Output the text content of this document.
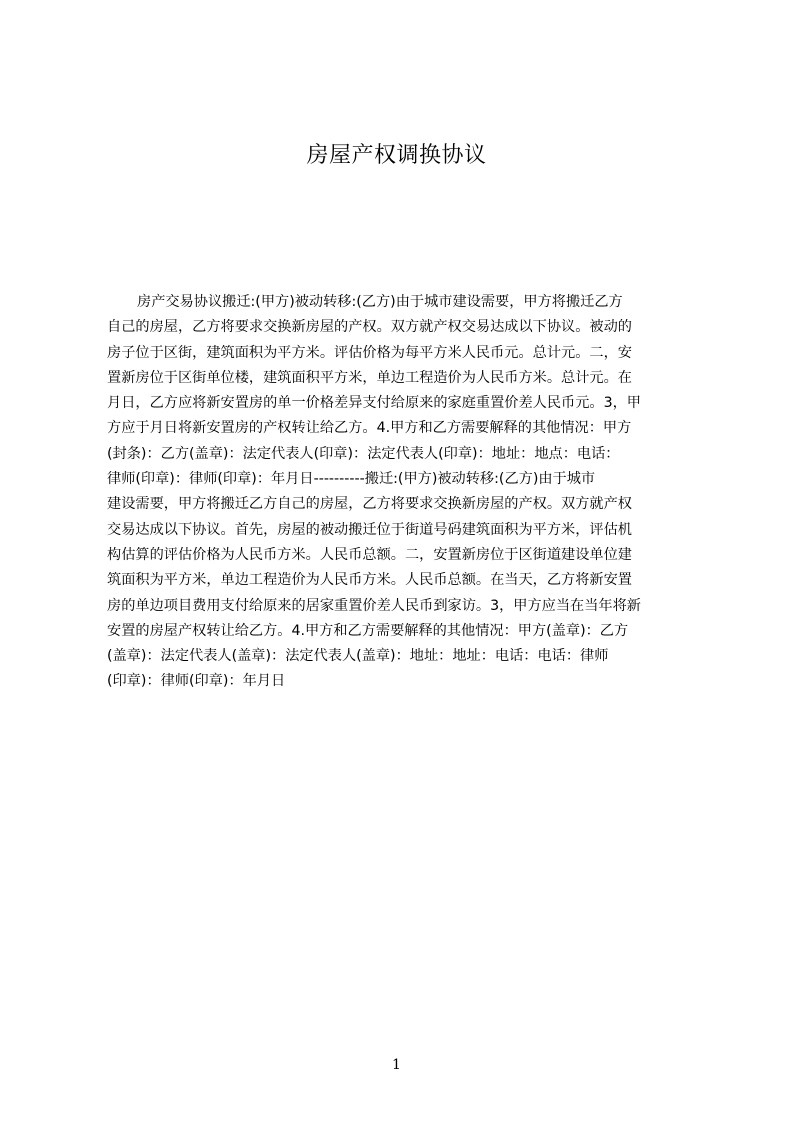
房屋产权调换协议
房产交易协议搬迁:(甲方)被动转移:(乙方)由于城市建设需要，甲方将搬迁乙方
自己的房屋，乙方将要求交换新房屋的产权。双方就产权交易达成以下协议。被动的
房子位于区街，建筑面积为平方米。评估价格为每平方米人民币元。总计元。二，安
置新房位于区街单位楼，建筑面积平方米，单边工程造价为人民币方米。总计元。在
月日，乙方应将新安置房的单一价格差异支付给原来的家庭重置价差人民币元。3，甲
方应于月日将新安置房的产权转让给乙方。4.甲方和乙方需要解释的其他情况：甲方
(封条)：乙方(盖章)：法定代表人(印章)：法定代表人(印章)：地址：地点：电话：
律师(印章)：律师(印章)：年月日----------搬迁:(甲方)被动转移:(乙方)由于城市
建设需要，甲方将搬迁乙方自己的房屋，乙方将要求交换新房屋的产权。双方就产权
交易达成以下协议。首先，房屋的被动搬迁位于街道号码建筑面积为平方米，评估机
构估算的评估价格为人民币方米。人民币总额。二，安置新房位于区街道建设单位建
筑面积为平方米，单边工程造价为人民币方米。人民币总额。在当天，乙方将新安置
房的单边项目费用支付给原来的居家重置价差人民币到家访。3，甲方应当在当年将新
安置的房屋产权转让给乙方。4.甲方和乙方需要解释的其他情况：甲方(盖章)：乙方
(盖章)：法定代表人(盖章)：法定代表人(盖章)：地址：地址：电话：电话：律师
(印章)：律师(印章)：年月日
1
